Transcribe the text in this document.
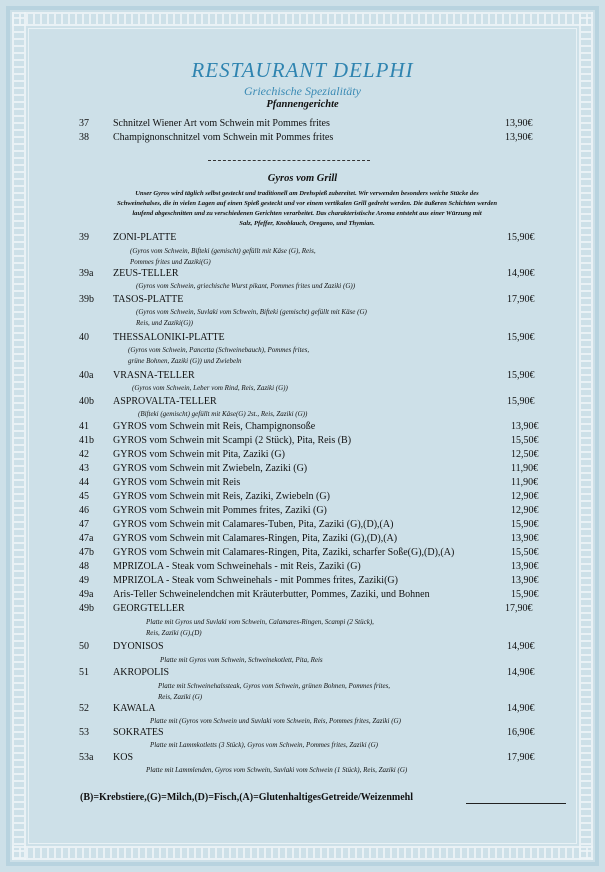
RESTAURANT DELPHI
Griechische Spezialitäty
Pfannengerichte
Gyros vom Grill
Unser Gyros wird täglich selbst gesteckt und traditionell am Drehspieß zubereitet. Wir verwenden besonders weiche Stücke des
Schweinehalses, die in vielen Lagen auf einen Spieß gesteckt und vor einem vertikalen Grill gedreht werden. Die äußeren Schichten werden
laufend abgeschnitten und zu verschiedenen Gerichten verarbeitet. Das charakteristische Aroma entsteht aus einer Würzung mit
Salz, Pfeffer, Knoblauch, Oregano, und Thymian.
37 Schnitzel Wiener Art vom Schwein mit Pommes frites	13,90€
38 Champignonschnitzel vom Schwein mit Pommes frites	13,90€
39 ZONI-PLATTE	15,90€
(Gyros vom Schwein, Bifteki (gemischt) gefüllt mit Käse (G), Reis,
Pommes frites und Zaziki(G)
39a ZEUS-TELLER	14,90€
(Gyros vom Schwein, griechische Wurst pikant, Pommes frites und Zaziki (G))
39b TASOS-PLATTE	17,90€
(Gyros vom Schwein, Suvlaki vom Schwein, Bifteki (gemischt) gefüllt mit Käse (G)
Reis, und Zaziki(G))
40 THESSALONIKI-PLATTE	15,90€
(Gyros vom Schwein, Pancetta (Schweinebauch), Pommes frites,
grüne Bohnen, Zaziki (G)) und Zwiebeln
40a VRASNA-TELLER	15,90€
(Gyros vom Schwein, Leber vom Rind, Reis, Zaziki (G))
40b ASPROVALTA-TELLER	15,90€
(Bifteki (gemischt) gefüllt mit Käse(G) 2st., Reis, Zaziki (G))
41 GYROS vom Schwein mit Reis, Champignonsoße	13,90€
41b GYROS vom Schwein mit Scampi (2 Stück), Pita, Reis (B)	15,50€
42 GYROS vom Schwein mit Pita, Zaziki (G)	12,50€
43 GYROS vom Schwein mit Zwiebeln, Zaziki (G)	11,90€
44 GYROS vom Schwein mit Reis	11,90€
45 GYROS vom Schwein mit Reis, Zaziki, Zwiebeln (G)	12,90€
46 GYROS vom Schwein mit Pommes frites, Zaziki (G)	12,90€
47 GYROS vom Schwein mit Calamares-Tuben, Pita, Zaziki (G),(D),(A)	15,90€
47a GYROS vom Schwein mit Calamares-Ringen, Pita, Zaziki (G),(D),(A)	13,90€
47b GYROS vom Schwein mit Calamares-Ringen, Pita, Zaziki, scharfer Soße(G),(D),(A)	15,50€
48 MPRIZOLA - Steak vom Schweinehals - mit Reis, Zaziki (G)	13,90€
49 MPRIZOLA - Steak vom Schweinehals - mit Pommes frites, Zaziki(G)	13,90€
49a Aris-Teller Schweinelendchen mit Kräuterbutter, Pommes, Zaziki, und Bohnen	15,90€
49b GEORGTELLER	17,90€
Platte mit Gyros und Suvlaki vom Schwein, Calamares-Ringen, Scampi (2 Stück),
Reis, Zaziki (G),(D)
50 DYONISOS	14,90€
Platte mit Gyros vom Schwein, Schweinekotlett, Pita, Reis
51 AKROPOLIS	14,90€
Platte mit Schweinehalssteak, Gyros vom Schwein, grünen Bohnen, Pommes frites,
Reis, Zaziki (G)
52 KAWALA	14,90€
Platte mit (Gyros vom Schwein und Suvlaki vom Schwein, Reis, Pommes frites, Zaziki (G)
53 SOKRATES	16,90€
Platte mit Lammkotletts (3 Stück), Gyros vom Schwein, Pommes frites, Zaziki (G)
53a KOS	17,90€
Platte mit Lammlenden, Gyros vom Schwein, Suvlaki vom Schwein (1 Stück), Reis, Zaziki (G)
(B)=Krebstiere,(G)=Milch,(D)=Fisch,(A)=GlutenhaltigesGetreide/Weizenmehl
